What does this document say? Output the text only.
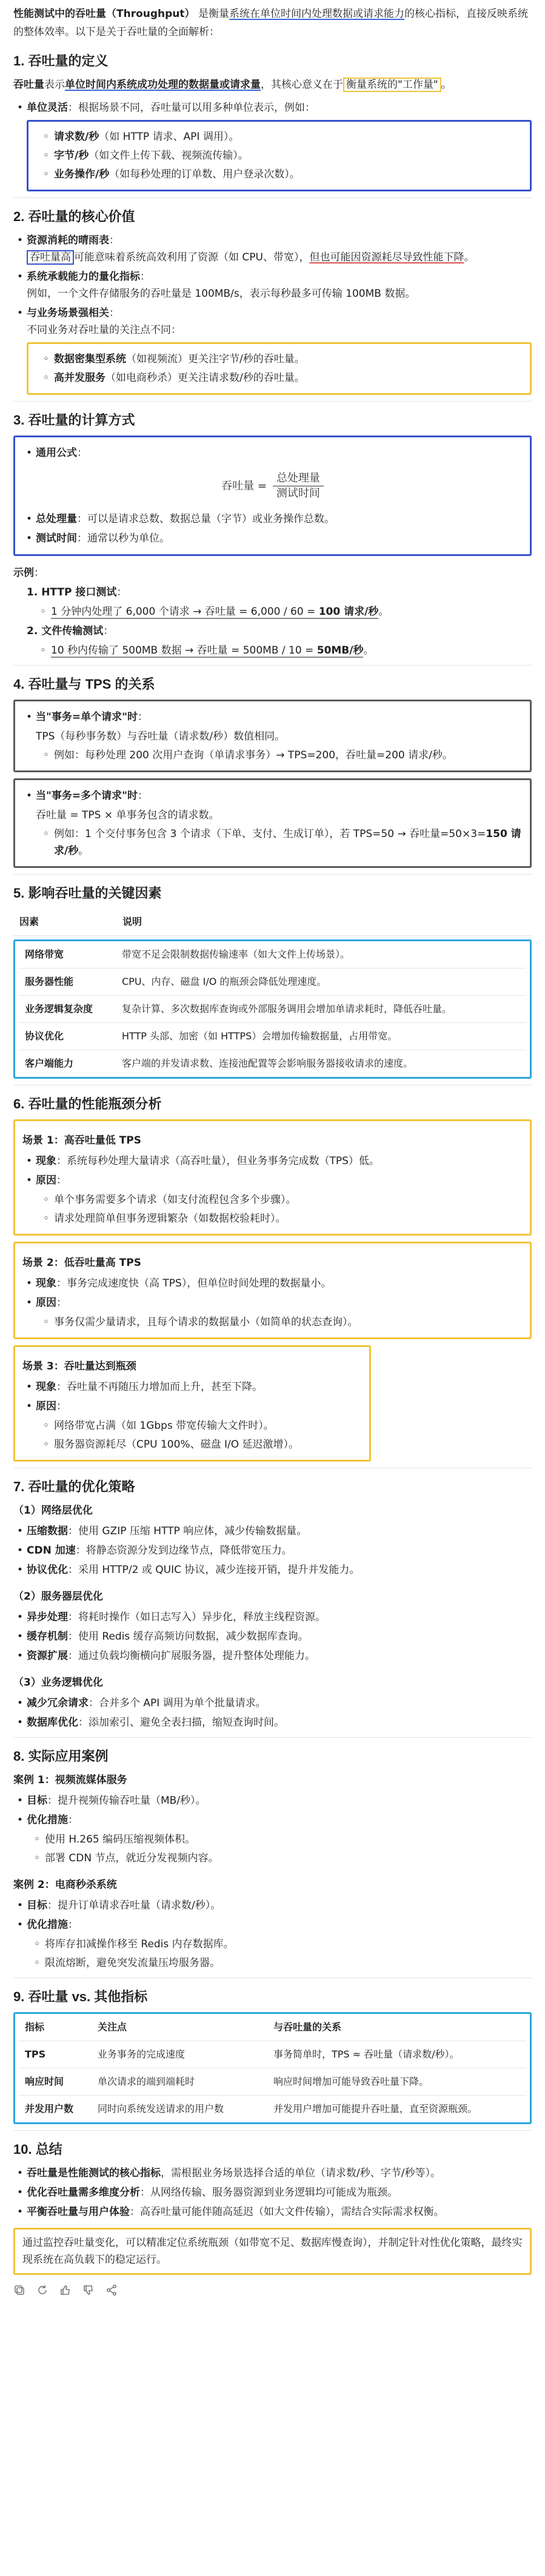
性能测试中的吞吐量（Throughput） 是衡量系统在单位时间内处理数据或请求能力的核心指标，直接反映系统的整体效率。以下是关于吞吐量的全面解析：

1. 吞吐量的定义

吞吐量表示单位时间内系统成功处理的数据量或请求量，其核心意义在于 衡量系统的"工作量" 。

• 单位灵活：根据场景不同，吞吐量可以用多种单位表示，例如：
◦ 请求数/秒（如 HTTP 请求、API 调用）。
◦ 字节/秒（如文件上传下载、视频流传输）。
◦ 业务操作/秒（如每秒处理的订单数、用户登录次数）。
2. 吞吐量的核心价值
• 资源消耗的晴雨表：
吞吐量高 可能意味着系统高效利用了资源（如 CPU、带宽），但也可能因资源耗尽导致性能下降。
• 系统承载能力的量化指标：
例如，一个文件存储服务的吞吐量是 100MB/s，表示每秒最多可传输 100MB 数据。
• 与业务场景强相关：
不同业务对吞吐量的关注点不同：
◦ 数据密集型系统（如视频流）更关注字节/秒的吞吐量。
◦ 高并发服务（如电商秒杀）更关注请求数/秒的吞吐量。
3. 吞吐量的计算方式
• 通用公式：
吞吐量 = $\frac{\text{总处理量}}{\text{测试时间}}$
• 总处理量：可以是请求总数、数据总量（字节）或业务操作总数。
• 测试时间：通常以秒为单位。

示例：

1. HTTP 接口测试：
◦ 1 分钟内处理了 6,000 个请求 → 吞吐量 = 6,000 / 60 = 100 请求/秒。
2. 文件传输测试：
◦ 10 秒内传输了 500MB 数据 → 吞吐量 = 500MB / 10 = 50MB/秒。
4. 吞吐量与 TPS 的关系
• 当"事务=单个请求"时：

TPS（每秒事务数）与吞吐量（请求数/秒）数值相同。

◦ 例如：每秒处理 200 次用户查询（单请求事务）→ TPS=200，吞吐量=200 请求/秒。
• 当"事务=多个请求"时：

吞吐量 = TPS × 单事务包含的请求数。

◦ 例如：1 个交付事务包含 3 个请求（下单、支付、生成订单），若 TPS=50 → 吞吐量=50×3=150 请求/秒。
5. 影响吞吐量的关键因素
因素	说明
网络带宽	带宽不足会限制数据传输速率（如大文件上传场景）。
服务器性能	CPU、内存、磁盘 I/O 的瓶颈会降低处理速度。
业务逻辑复杂度	复杂计算、多次数据库查询或外部服务调用会增加单请求耗时，降低吞吐量。
协议优化	HTTP 头部、加密（如 HTTPS）会增加传输数据量，占用带宽。
客户端能力	客户端的并发请求数、连接池配置等会影响服务器接收请求的速度。
6. 吞吐量的性能瓶颈分析
场景 1：高吞吐量低 TPS
• 现象：系统每秒处理大量请求（高吞吐量），但业务事务完成数（TPS）低。
• 原因：
◦ 单个事务需要多个请求（如支付流程包含多个步骤）。
◦ 请求处理简单但事务逻辑繁杂（如数据校验耗时）。
场景 2：低吞吐量高 TPS
• 现象：事务完成速度快（高 TPS），但单位时间处理的数据量小。
• 原因：
◦ 事务仅需少量请求，且每个请求的数据量小（如简单的状态查询）。
场景 3：吞吐量达到瓶颈
• 现象：吞吐量不再随压力增加而上升，甚至下降。
• 原因：
◦ 网络带宽占满（如 1Gbps 带宽传输大文件时）。
◦ 服务器资源耗尽（CPU 100%、磁盘 I/O 延迟激增）。
7. 吞吐量的优化策略
（1）网络层优化
• 压缩数据：使用 GZIP 压缩 HTTP 响应体，减少传输数据量。
• CDN 加速：将静态资源分发到边缘节点，降低带宽压力。
• 协议优化：采用 HTTP/2 或 QUIC 协议，减少连接开销，提升并发能力。
（2）服务器层优化
• 异步处理：将耗时操作（如日志写入）异步化，释放主线程资源。
• 缓存机制：使用 Redis 缓存高频访问数据，减少数据库查询。
• 资源扩展：通过负载均衡横向扩展服务器，提升整体处理能力。
（3）业务逻辑优化
• 减少冗余请求：合并多个 API 调用为单个批量请求。
• 数据库优化：添加索引、避免全表扫描，缩短查询时间。
8. 实际应用案例
案例 1：视频流媒体服务
• 目标：提升视频传输吞吐量（MB/秒）。
• 优化措施：
◦ 使用 H.265 编码压缩视频体积。
◦ 部署 CDN 节点，就近分发视频内容。
案例 2：电商秒杀系统
• 目标：提升订单请求吞吐量（请求数/秒）。
• 优化措施：
◦ 将库存扣减操作移至 Redis 内存数据库。
◦ 限流熔断，避免突发流量压垮服务器。
9. 吞吐量 vs. 其他指标
指标	关注点	与吞吐量的关系
TPS	业务事务的完成速度	事务简单时，TPS ≈ 吞吐量（请求数/秒）。
响应时间	单次请求的端到端耗时	响应时间增加可能导致吞吐量下降。
并发用户数	同时向系统发送请求的用户数	并发用户增加可能提升吞吐量，直至资源瓶颈。
10. 总结
• 吞吐量是性能测试的核心指标，需根据业务场景选择合适的单位（请求数/秒、字节/秒等）。
• 优化吞吐量需多维度分析：从网络传输、服务器资源到业务逻辑均可能成为瓶颈。
• 平衡吞吐量与用户体验：高吞吐量可能伴随高延迟（如大文件传输），需结合实际需求权衡。

通过监控吞吐量变化，可以精准定位系统瓶颈（如带宽不足、数据库慢查询），并制定针对性优化策略，最终实现系统在高负载下的稳定运行。
